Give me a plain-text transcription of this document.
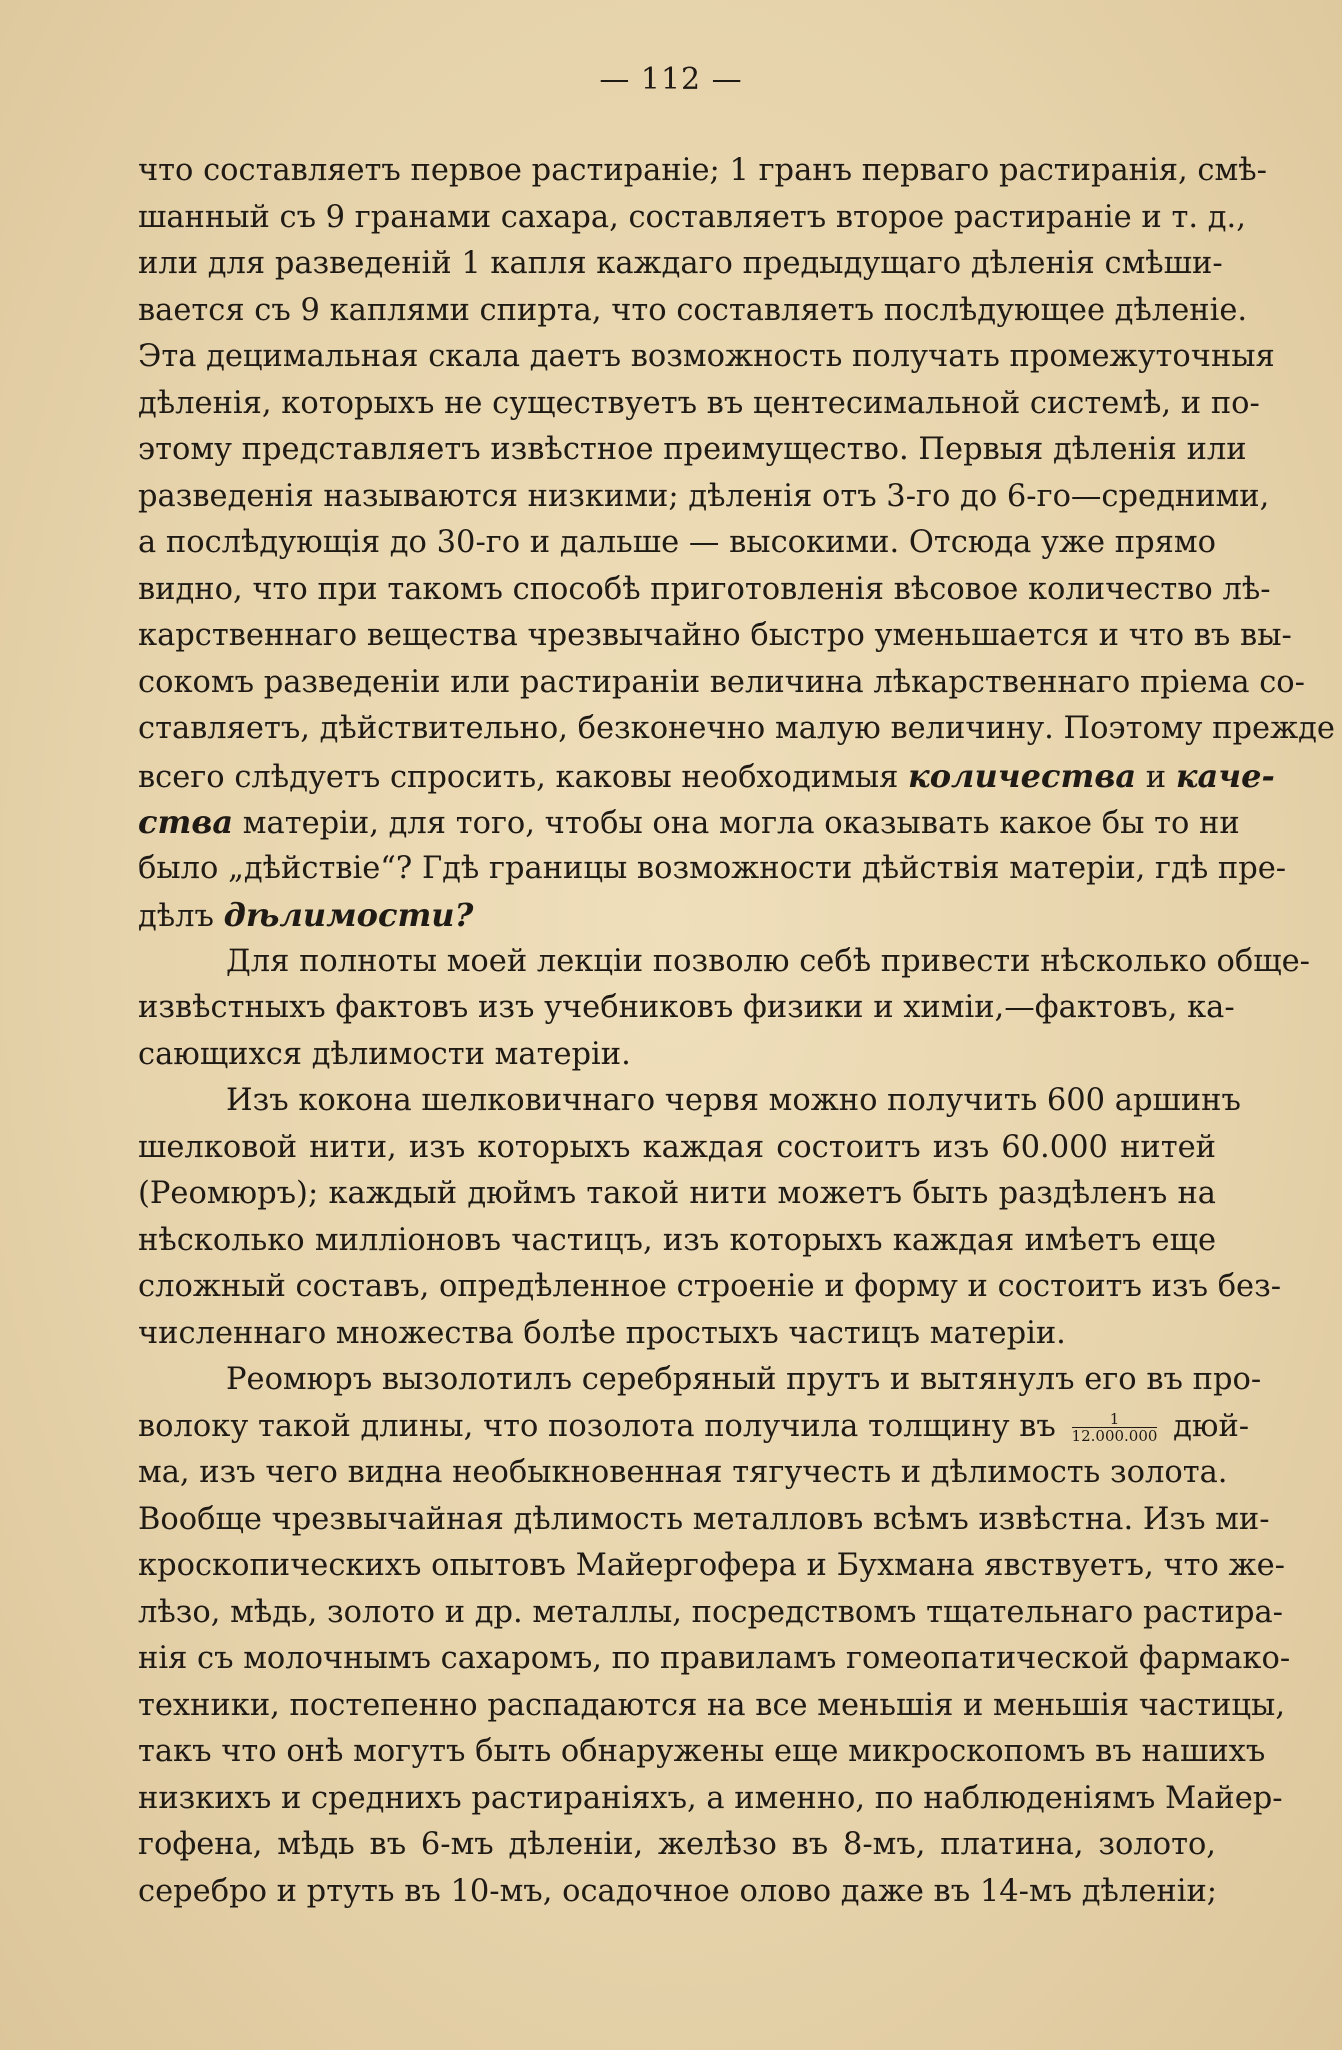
— 112 —
что составляетъ первое растираніе; 1 гранъ перваго растиранія, смѣ-
шанный съ 9 гранами сахара, составляетъ второе растираніе и т. д.,
или для разведеній 1 капля каждаго предыдущаго дѣленія смѣши-
вается съ 9 каплями спирта, что составляетъ послѣдующее дѣленіе.
Эта децимальная скала даетъ возможность получать промежуточныя
дѣленія, которыхъ не существуетъ въ центесимальной системѣ, и по-
этому представляетъ извѣстное преимущество. Первыя дѣленія или
разведенія называются низкими; дѣленія отъ 3-го до 6-го—средними,
а послѣдующія до 30-го и дальше — высокими. Отсюда уже прямо
видно, что при такомъ способѣ приготовленія вѣсовое количество лѣ-
карственнаго вещества чрезвычайно быстро уменьшается и что въ вы-
сокомъ разведеніи или растираніи величина лѣкарственнаго пріема со-
ставляетъ, дѣйствительно, безконечно малую величину. Поэтому прежде
всего слѣдуетъ спросить, каковы необходимыя количества и каче-
ства матеріи, для того, чтобы она могла оказывать какое бы то ни
было „дѣйствіе“? Гдѣ границы возможности дѣйствія матеріи, гдѣ пре-
дѣлъ дѣлимости?
Для полноты моей лекціи позволю себѣ привести нѣсколько обще-
извѣстныхъ фактовъ изъ учебниковъ физики и химіи,—фактовъ, ка-
сающихся дѣлимости матеріи.
Изъ кокона шелковичнаго червя можно получить 600 аршинъ
шелковой нити, изъ которыхъ каждая состоитъ изъ 60.000 нитей
(Реомюръ); каждый дюймъ такой нити можетъ быть раздѣленъ на
нѣсколько милліоновъ частицъ, изъ которыхъ каждая имѣетъ еще
сложный составъ, опредѣленное строеніе и форму и состоитъ изъ без-
численнаго множества болѣе простыхъ частицъ матеріи.
Реомюръ вызолотилъ серебряный прутъ и вытянулъ его въ про-
волоку такой длины, что позолота получила толщину въ $\frac{1}{12.000.000} дюй-$
ма, изъ чего видна необыкновенная тягучесть и дѣлимость золота.
Вообще чрезвычайная дѣлимость металловъ всѣмъ извѣстна. Изъ ми-
кроскопическихъ опытовъ Майергофера и Бухмана явствуетъ, что же-
лѣзо, мѣдь, золото и др. металлы, посредствомъ тщательнаго растира-
нія съ молочнымъ сахаромъ, по правиламъ гомеопатической фармако-
техники, постепенно распадаются на все меньшія и меньшія частицы,
такъ что онѣ могутъ быть обнаружены еще микроскопомъ въ нашихъ
низкихъ и среднихъ растираніяхъ, а именно, по наблюденіямъ Майер-
гофена, мѣдь въ 6-мъ дѣленіи, желѣзо въ 8-мъ, платина, золото,
серебро и ртуть въ 10-мъ, осадочное олово даже въ 14-мъ дѣленіи;
